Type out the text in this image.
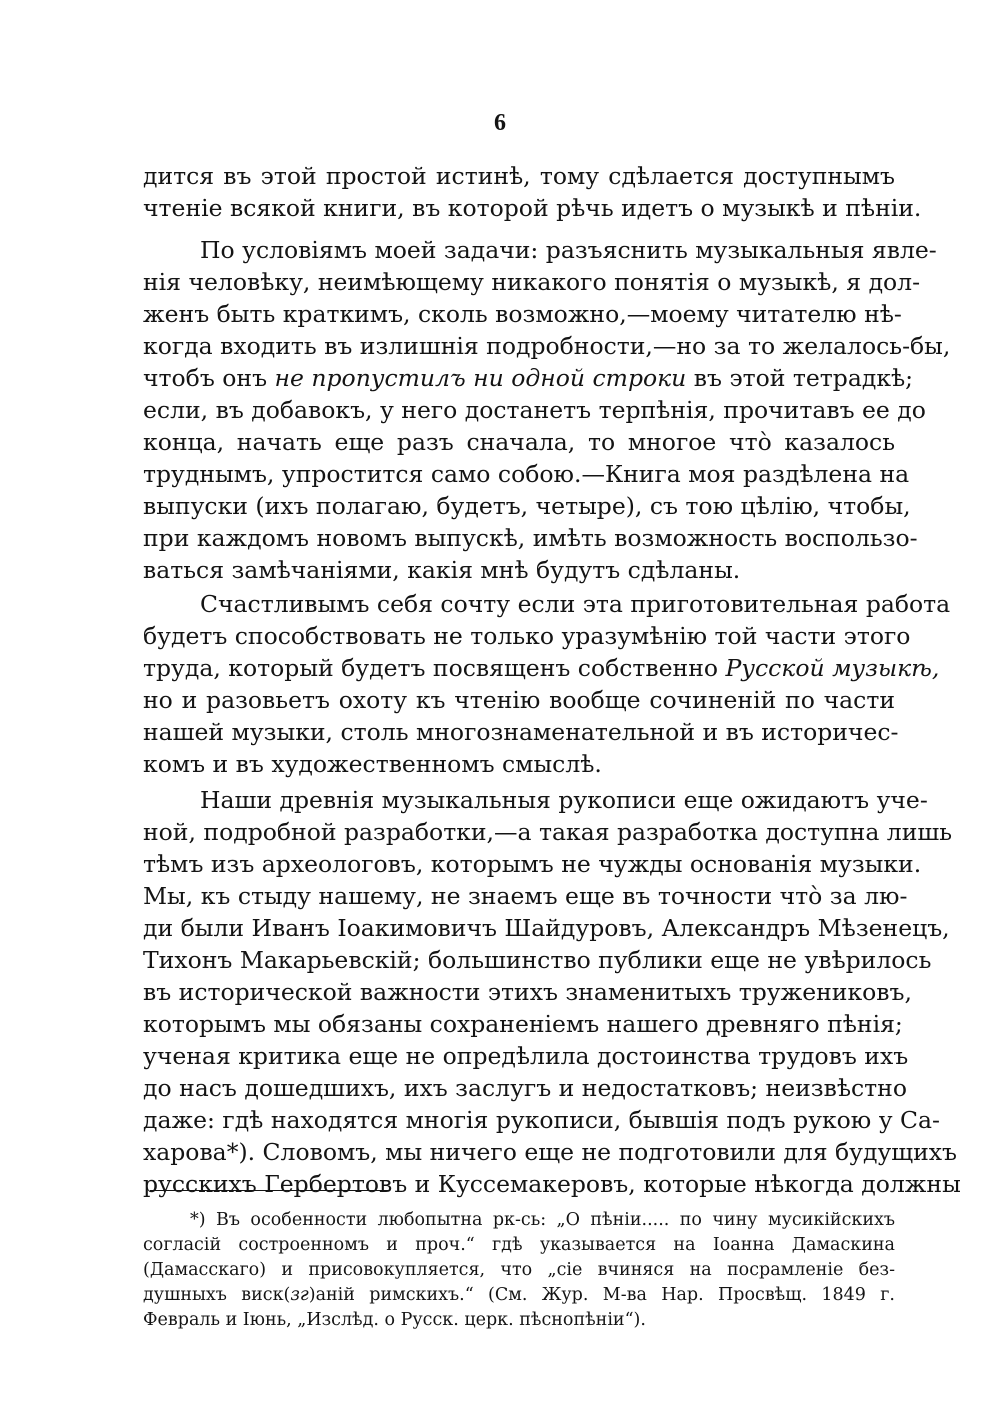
6
дится въ этой простой истинѣ, тому сдѣлается доступнымъ
чтеніе всякой книги, въ которой рѣчь идетъ о музыкѣ и пѣніи.
По условіямъ моей задачи: разъяснить музыкальныя явле-
нія человѣку, неимѣющему никакого понятія о музыкѣ, я дол-
женъ быть краткимъ, сколь возможно,—моему читателю нѣ-
когда входить въ излишнія подробности,—но за то желалось-бы,
чтобъ онъ не пропустилъ ни одной строки въ этой тетрадкѣ;
если, въ добавокъ, у него достанетъ терпѣнія, прочитавъ ее до
конца, начать еще разъ сначала, то многое что̀ казалось
труднымъ, упростится само собою.—Книга моя раздѣлена на
выпуски (ихъ полагаю, будетъ, четыре), съ тою цѣлію, чтобы,
при каждомъ новомъ выпускѣ, имѣть возможность воспользо-
ваться замѣчаніями, какія мнѣ будутъ сдѣланы.
Счастливымъ себя сочту если эта приготовительная работа
будетъ способствовать не только уразумѣнію той части этого
труда, который будетъ посвященъ собственно Русской музыкѣ,
но и разовьетъ охоту къ чтенію вообще сочиненій по части
нашей музыки, столь многознаменательной и въ историчес-
комъ и въ художественномъ смыслѣ.
Наши древнія музыкальныя рукописи еще ожидаютъ уче-
ной, подробной разработки,—а такая разработка доступна лишь
тѣмъ изъ археологовъ, которымъ не чужды основанія музыки.
Мы, къ стыду нашему, не знаемъ еще въ точности что̀ за лю-
ди были Иванъ Іоакимовичъ Шайдуровъ, Александръ Мѣзенецъ,
Тихонъ Макарьевскій; большинство публики еще не увѣрилось
въ исторической важности этихъ знаменитыхъ тружениковъ,
которымъ мы обязаны сохраненіемъ нашего древняго пѣнія;
ученая критика еще не опредѣлила достоинства трудовъ ихъ
до насъ дошедшихъ, ихъ заслугъ и недостатковъ; неизвѣстно
даже: гдѣ находятся многія рукописи, бывшія подъ рукою у Са-
харова*). Словомъ, мы ничего еще не подготовили для будущихъ
русскихъ Гербертовъ и Куссемакеровъ, которые нѣкогда должны
*) Въ особенности любопытна рк-сь: „О пѣніи..... по чину мусикійскихъ
согласій состроенномъ и проч.“ гдѣ указывается на Іоанна Дамаскина
(Дамасскаго) и присовокупляется, что „сіе вчиняся на посрамленіе без-
душныхъ виск(зг)аній римскихъ.“ (См. Жур. М-ва Нар. Просвѣщ. 1849 г.
Февраль и Іюнь, „Изслѣд. о Русск. церк. пѣснопѣніи“).
